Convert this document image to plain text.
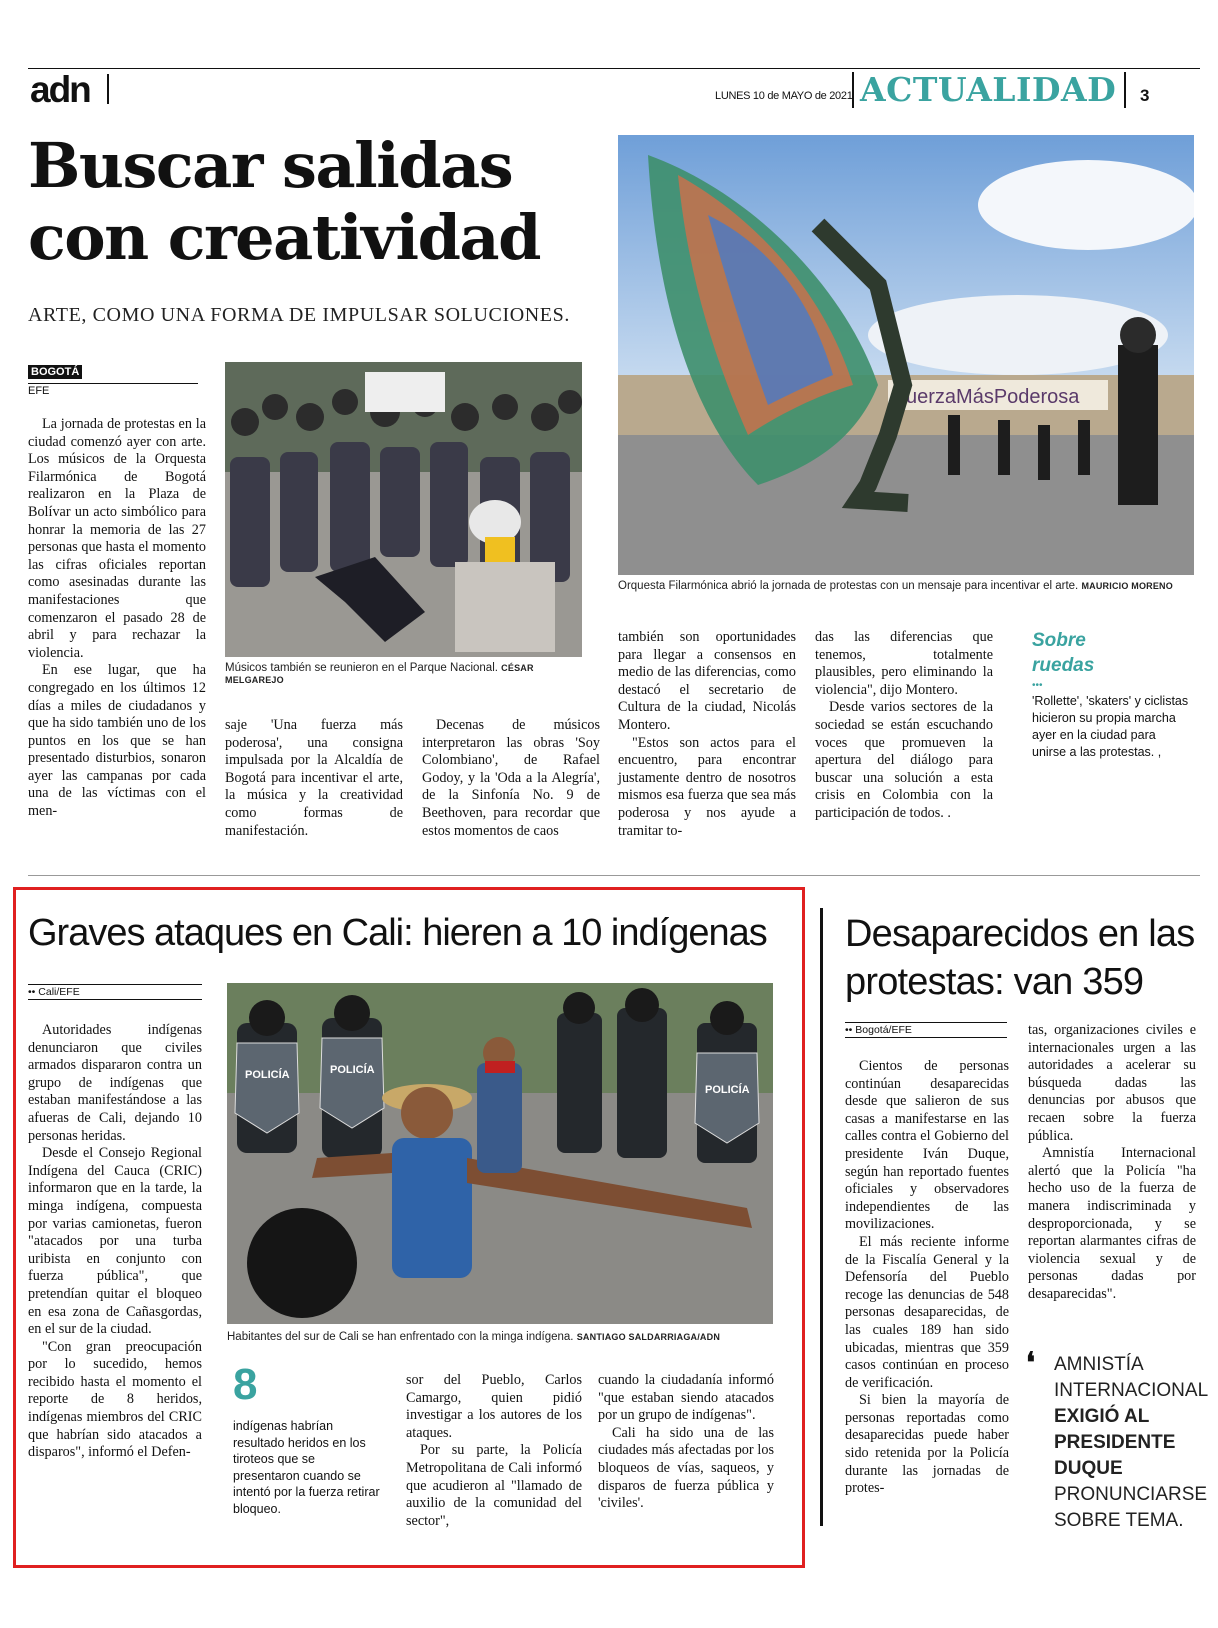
adn	LUNES 10 de MAYO de 2021 ACTUALIDAD 3
Buscar salidas
con creatividad
ARTE, COMO UNA FORMA DE IMPULSAR SOLUCIONES.
BOGOTÁ
EFE

La jornada de protestas en la ciudad comenzó ayer con arte. Los músicos de la Orquesta Filarmónica de Bogotá realizaron en la Plaza de Bolívar un acto simbólico para honrar la memoria de las 27 personas que hasta el momento las cifras oficiales reportan como asesinadas durante las manifestaciones que comenzaron el pasado 28 de abril y para rechazar la violencia.

En ese lugar, que ha congregado en los últimos 12 días a miles de ciudadanos y que ha sido también uno de los puntos en los que se han presentado disturbios, sonaron ayer las campanas por cada una de las víctimas con el men-

Músicos también se reunieron en el Parque Nacional. CÉSAR MELGAREJO
uerzaMásPoderosa
Orquesta Filarmónica abrió la jornada de protestas con un mensaje para incentivar el arte. MAURICIO MORENO

saje 'Una fuerza más poderosa', una consigna impulsada por la Alcaldía de Bogotá para incentivar el arte, la música y la creatividad como formas de manifestación.

Decenas de músicos interpretaron las obras 'Soy Colombiano', de Rafael Godoy, y la 'Oda a la Alegría', de la Sinfonía No. 9 de Beethoven, para recordar que estos momentos de caos

también son oportunidades para llegar a consensos en medio de las diferencias, como destacó el secretario de Cultura de la ciudad, Nicolás Montero.

"Estos son actos para el encuentro, para encontrar justamente dentro de nosotros mismos esa fuerza que sea más poderosa y nos ayude a tramitar to-

das las diferencias que tenemos, totalmente plausibles, pero eliminando la violencia", dijo Montero.

Desde varios sectores de la sociedad se están escuchando voces que promueven la apertura del diálogo para buscar una solución a esta crisis en Colombia con la participación de todos. .

Sobre
ruedas
•••
'Rollette', 'skaters' y ciclistas hicieron su propia marcha ayer en la ciudad para unirse a las protestas. ,
Graves ataques en Cali: hieren a 10 indígenas
•• Cali/EFE

Autoridades indígenas denunciaron que civiles armados dispararon contra un grupo de indígenas que estaban manifestándose a las afueras de Cali, dejando 10 personas heridas.

Desde el Consejo Regional Indígena del Cauca (CRIC) informaron que en la tarde, la minga indígena, compuesta por varias camionetas, fueron "atacados por una turba uribista en conjunto con fuerza pública", que pretendían quitar el bloqueo en esa zona de Cañasgordas, en el sur de la ciudad.

"Con gran preocupación por lo sucedido, hemos recibido hasta el momento el reporte de 8 heridos, indígenas miembros del CRIC que habrían sido atacados a disparos", informó el Defen-

POLICÍA	POLICÍA
POLICÍA
Habitantes del sur de Cali se han enfrentado con la minga indígena. SANTIAGO SALDARRIAGA/ADN
8
indígenas habrían resultado heridos en los tiroteos que se presentaron cuando se intentó por la fuerza retirar bloqueo.

sor del Pueblo, Carlos Camargo, quien pidió investigar a los autores de los ataques.

Por su parte, la Policía Metropolitana de Cali informó que acudieron al "llamado de auxilio de la comunidad del sector",

cuando la ciudadanía informó "que estaban siendo atacados por un grupo de indígenas".

Cali ha sido una de las ciudades más afectadas por los bloqueos de vías, saqueos, y disparos de fuerza pública y 'civiles'.

Desaparecidos en las
protestas: van 359
•• Bogotá/EFE

Cientos de personas continúan desaparecidas desde que salieron de sus casas a manifestarse en las calles contra el Gobierno del presidente Iván Duque, según han reportado fuentes oficiales y observadores independientes de las movilizaciones.

El más reciente informe de la Fiscalía General y la Defensoría del Pueblo recoge las denuncias de 548 personas desaparecidas, de las cuales 189 han sido ubicadas, mientras que 359 casos continúan en proceso de verificación.

Si bien la mayoría de personas reportadas como desaparecidas puede haber sido retenida por la Policía durante las jornadas de protes-

tas, organizaciones civiles e internacionales urgen a las autoridades a acelerar su búsqueda dadas las denuncias por abusos que recaen sobre la fuerza pública.

Amnistía Internacional alertó que la Policía "ha hecho uso de la fuerza de manera indiscriminada y desproporcionada, y se reportan alarmantes cifras de violencia sexual y de personas dadas por desaparecidas".

❛ AMNISTÍA
INTERNACIONAL
EXIGIÓ AL
PRESIDENTE
DUQUE
PRONUNCIARSE
SOBRE TEMA.
